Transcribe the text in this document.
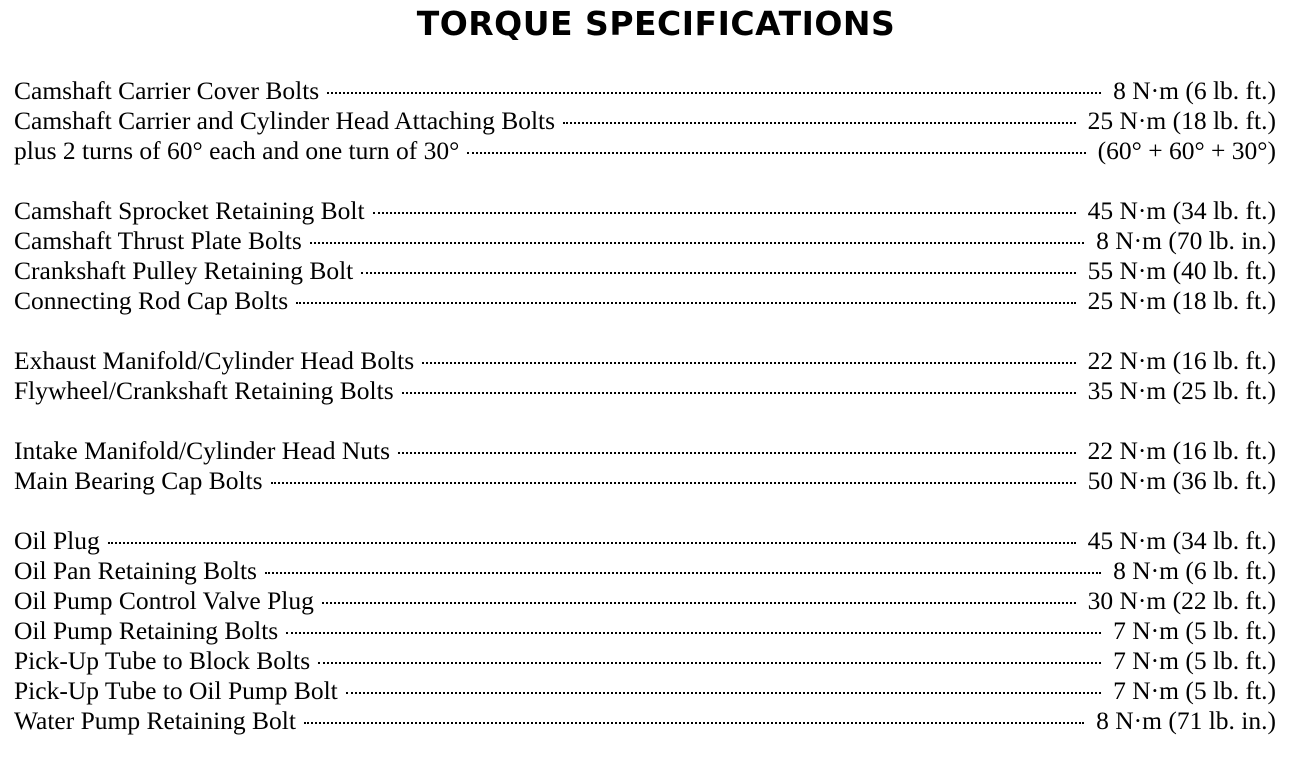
TORQUE SPECIFICATIONS
Camshaft Carrier Cover Bolts	8 N·m (6 lb. ft.)
Camshaft Carrier and Cylinder Head Attaching Bolts	25 N·m (18 lb. ft.)
plus 2 turns of 60° each and one turn of 30°	(60° + 60° + 30°)
Camshaft Sprocket Retaining Bolt	45 N·m (34 lb. ft.)
Camshaft Thrust Plate Bolts	8 N·m (70 lb. in.)
Crankshaft Pulley Retaining Bolt	55 N·m (40 lb. ft.)
Connecting Rod Cap Bolts	25 N·m (18 lb. ft.)
Exhaust Manifold/Cylinder Head Bolts	22 N·m (16 lb. ft.)
Flywheel/Crankshaft Retaining Bolts	35 N·m (25 lb. ft.)
Intake Manifold/Cylinder Head Nuts	22 N·m (16 lb. ft.)
Main Bearing Cap Bolts	50 N·m (36 lb. ft.)
Oil Plug	45 N·m (34 lb. ft.)
Oil Pan Retaining Bolts	8 N·m (6 lb. ft.)
Oil Pump Control Valve Plug	30 N·m (22 lb. ft.)
Oil Pump Retaining Bolts	7 N·m (5 lb. ft.)
Pick-Up Tube to Block Bolts	7 N·m (5 lb. ft.)
Pick-Up Tube to Oil Pump Bolt	7 N·m (5 lb. ft.)
Water Pump Retaining Bolt	8 N·m (71 lb. in.)
